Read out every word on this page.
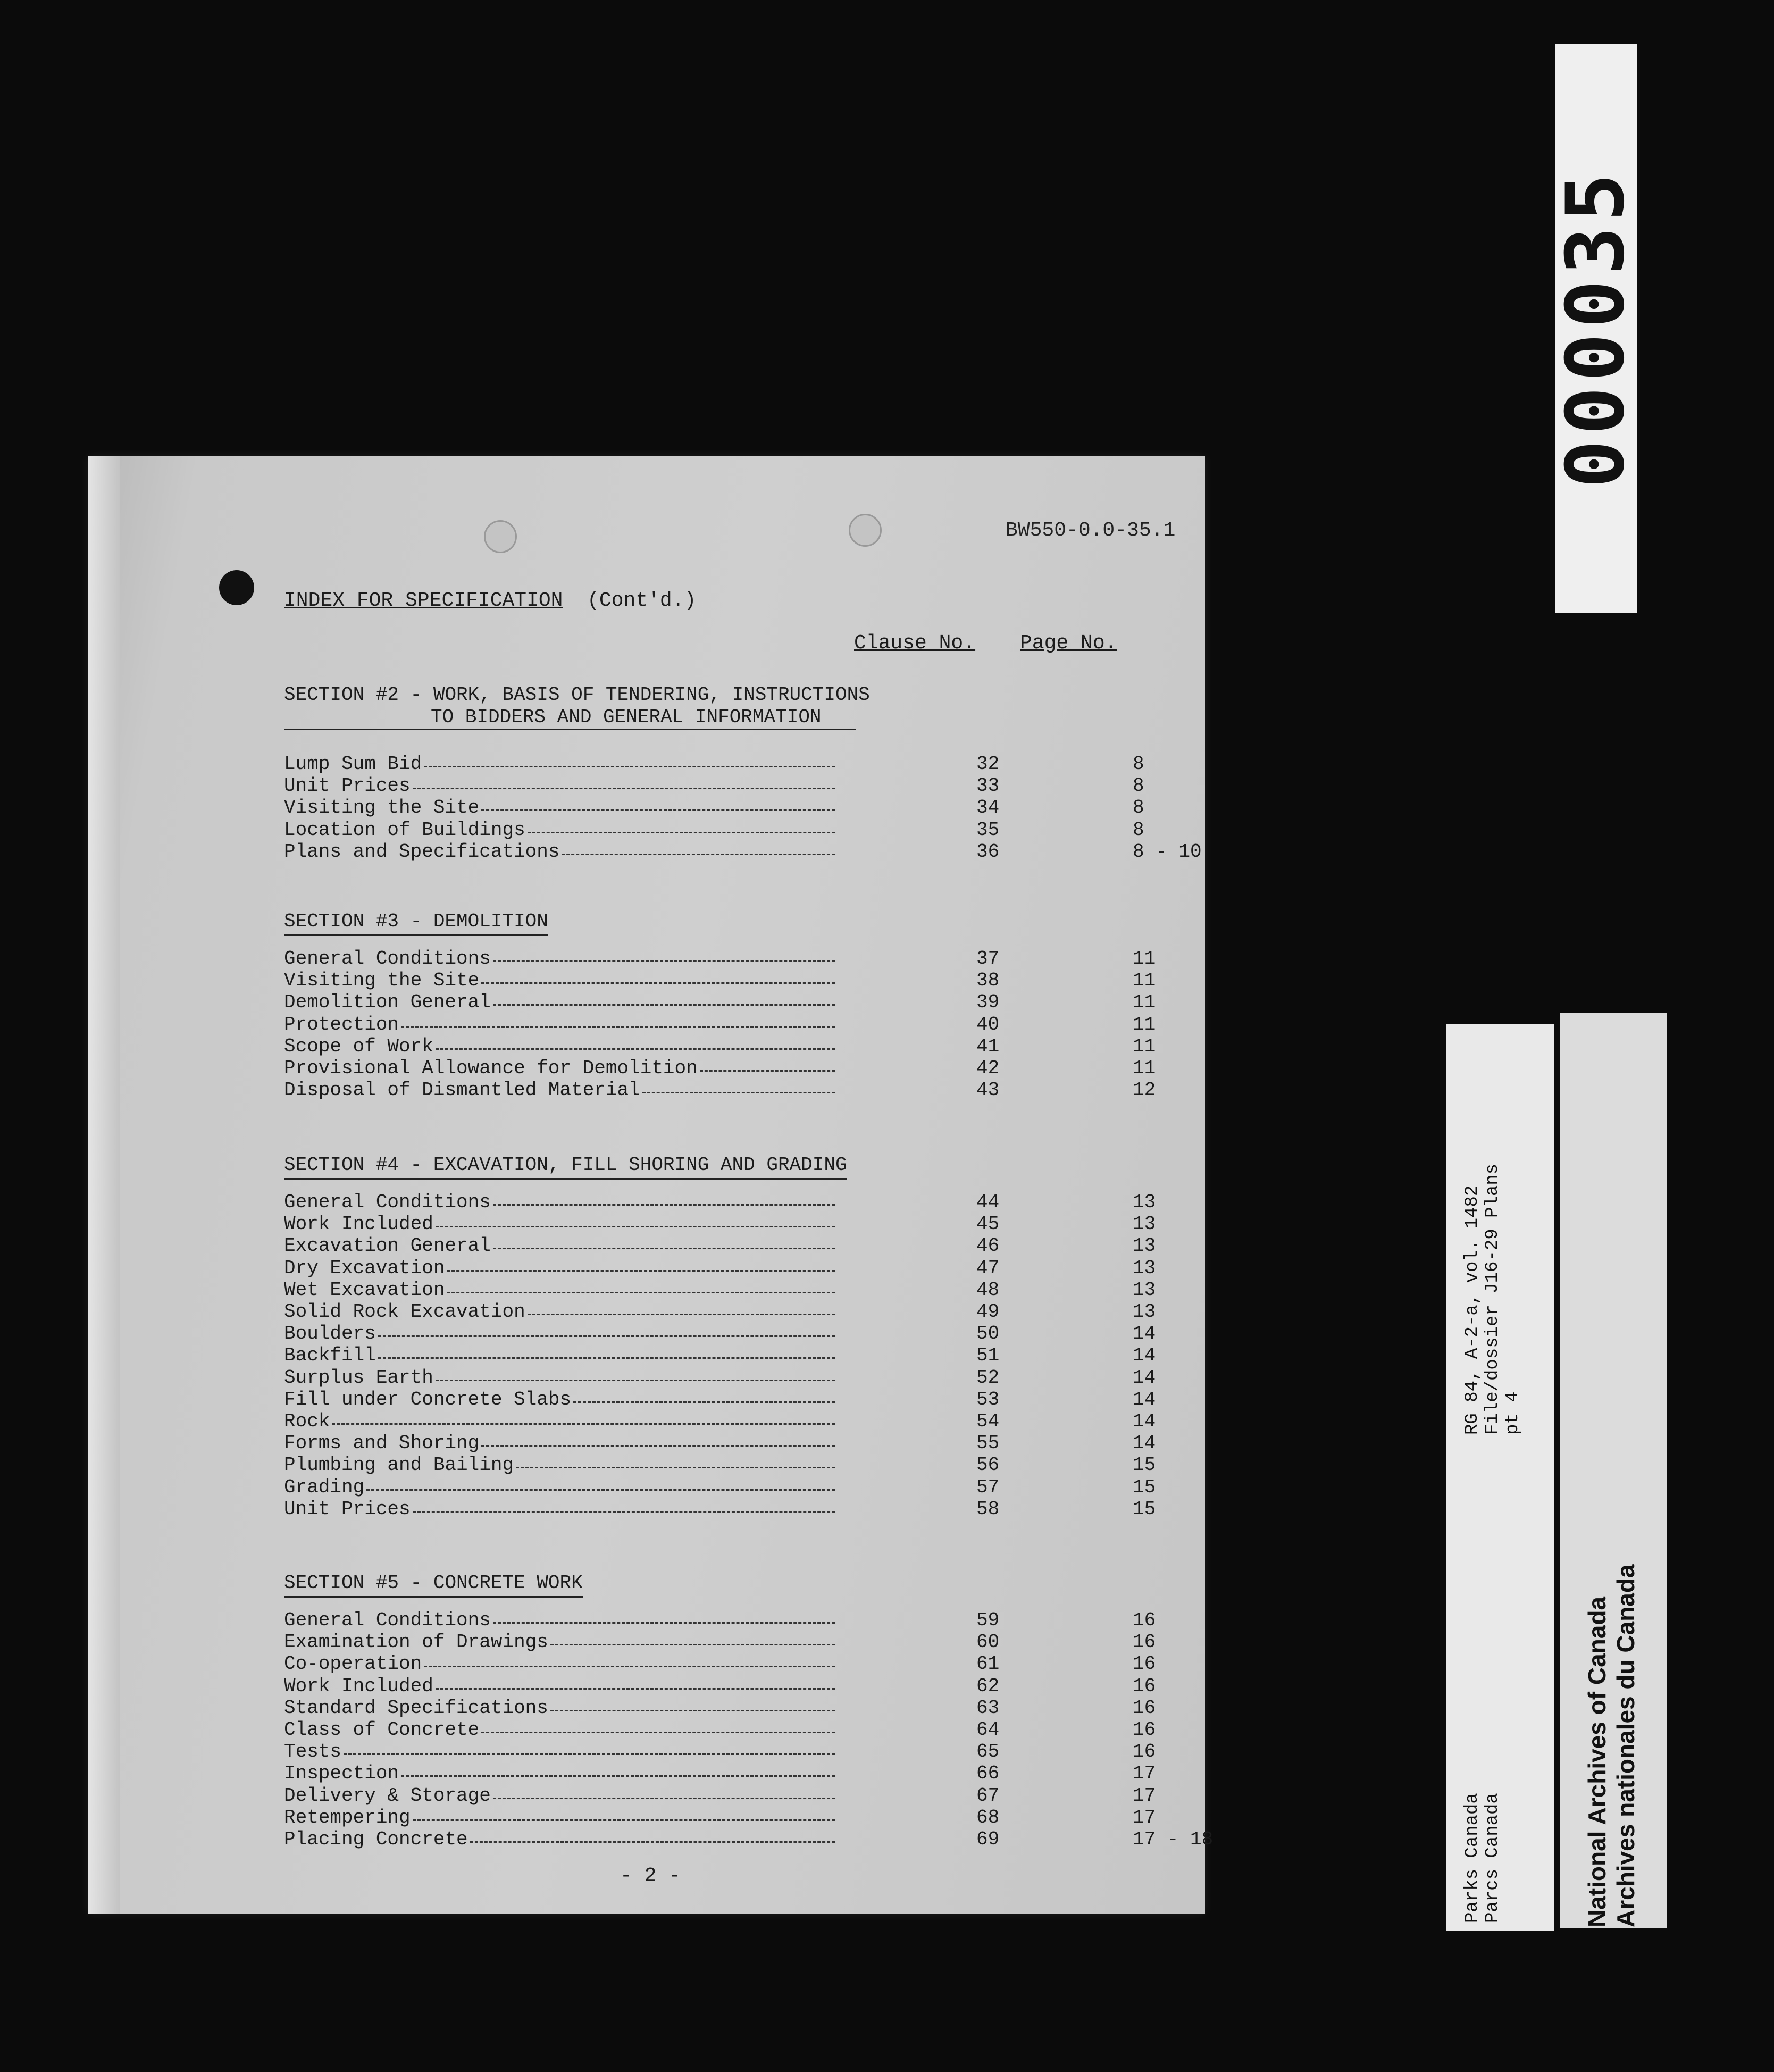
BW550-0.0-35.1
INDEX FOR SPECIFICATION (Cont'd.)
Clause No. Page No.
SECTION #2 - WORK, BASIS OF TENDERING, INSTRUCTIONS
TO BIDDERS AND GENERAL INFORMATION
Lump Sum Bid	32	8
Unit Prices	33	8
Visiting the Site	34	8
Location of Buildings	35	8
Plans and Specifications	36	8 - 10
SECTION #3 - DEMOLITION
General Conditions	37	11
Visiting the Site	38	11
Demolition General	39	11
Protection	40	11
Scope of Work	41	11
Provisional Allowance for Demolition	42	11
Disposal of Dismantled Material	43	12
SECTION #4 - EXCAVATION, FILL SHORING AND GRADING
General Conditions	44	13
Work Included	45	13
Excavation General	46	13
Dry Excavation	47	13
Wet Excavation	48	13
Solid Rock Excavation	49	13
Boulders	50	14
Backfill	51	14
Surplus Earth	52	14
Fill under Concrete Slabs	53	14
Rock	54	14
Forms and Shoring	55	14
Plumbing and Bailing	56	15
Grading	57	15
Unit Prices	58	15
SECTION #5 - CONCRETE WORK
General Conditions	59	16
Examination of Drawings	60	16
Co-operation	61	16
Work Included	62	16
Standard Specifications	63	16
Class of Concrete	64	16
Tests	65	16
Inspection	66	17
Delivery & Storage	67	17
Retempering	68	17
Placing Concrete	69	17 - 18
- 2 -
000035
RG 84, A-2-a, vol. 1482 File/dossier J16-29 Plans pt 4
Parks Canada Parcs Canada	National Archives of Canada Archives nationales du Canada
